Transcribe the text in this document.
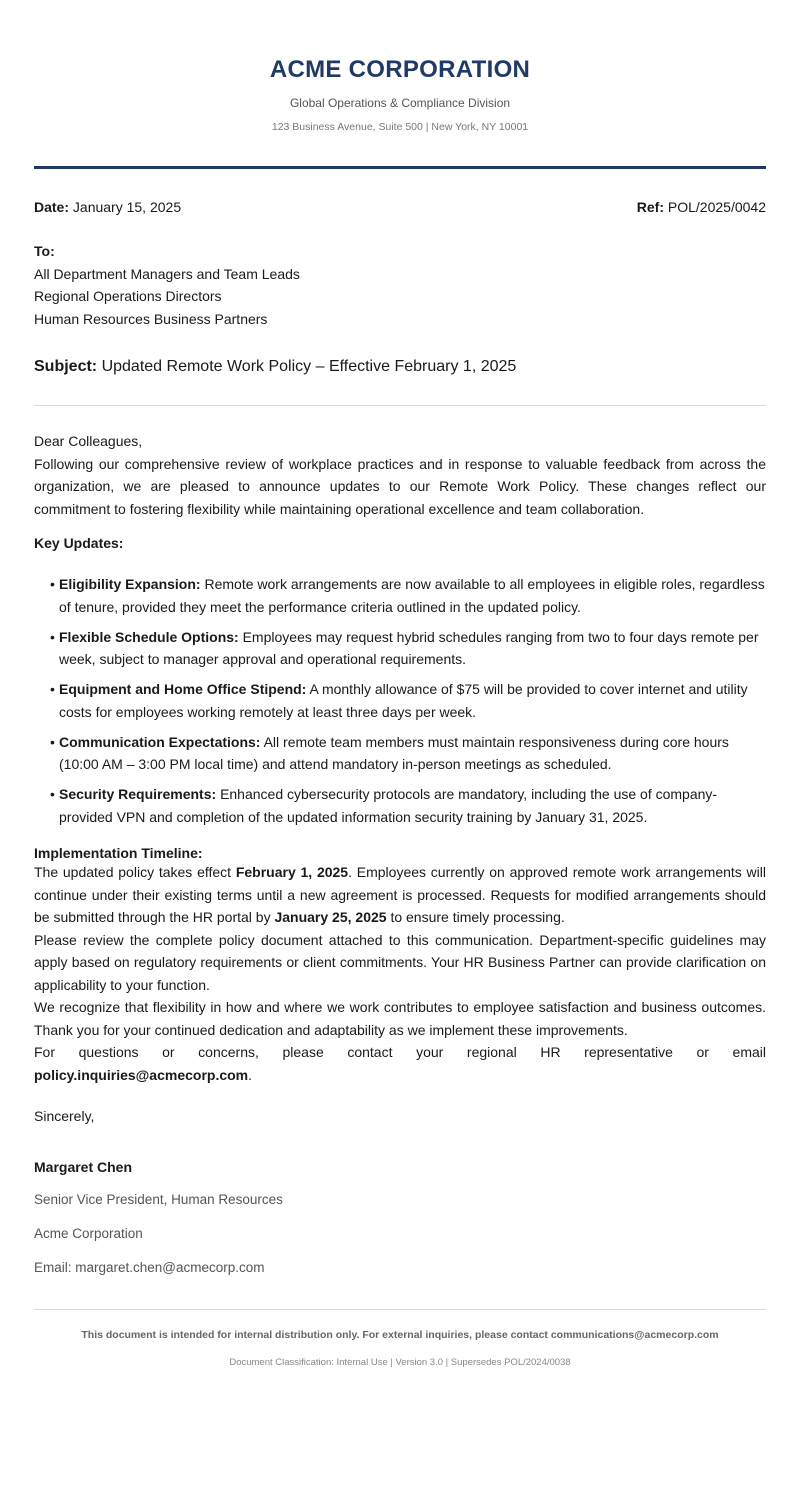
ACME CORPORATION
Global Operations & Compliance Division
123 Business Avenue, Suite 500 | New York, NY 10001
Date: January 15, 2025	Ref: POL/2025/0042
To:
All Department Managers and Team Leads
Regional Operations Directors
Human Resources Business Partners
Subject: Updated Remote Work Policy – Effective February 1, 2025
Dear Colleagues,

Following our comprehensive review of workplace practices and in response to valuable feedback from across the organization, we are pleased to announce updates to our Remote Work Policy. These changes reflect our commitment to fostering flexibility while maintaining operational excellence and team collaboration.

Key Updates:
• Eligibility Expansion: Remote work arrangements are now available to all employees in eligible roles, regardless of tenure, provided they meet the performance criteria outlined in the updated policy.
• Flexible Schedule Options: Employees may request hybrid schedules ranging from two to four days remote per week, subject to manager approval and operational requirements.
• Equipment and Home Office Stipend: A monthly allowance of $75 will be provided to cover internet and utility costs for employees working remotely at least three days per week.
• Communication Expectations: All remote team members must maintain responsiveness during core hours (10:00 AM – 3:00 PM local time) and attend mandatory in-person meetings as scheduled.
• Security Requirements: Enhanced cybersecurity protocols are mandatory, including the use of company-provided VPN and completion of the updated information security training by January 31, 2025.
Implementation Timeline:

The updated policy takes effect February 1, 2025. Employees currently on approved remote work arrangements will continue under their existing terms until a new agreement is processed. Requests for modified arrangements should be submitted through the HR portal by January 25, 2025 to ensure timely processing.

Please review the complete policy document attached to this communication. Department-specific guidelines may apply based on regulatory requirements or client commitments. Your HR Business Partner can provide clarification on applicability to your function.

We recognize that flexibility in how and where we work contributes to employee satisfaction and business outcomes. Thank you for your continued dedication and adaptability as we implement these improvements.

For questions or concerns, please contact your regional HR representative or email
policy.inquiries@acmecorp.com.

Sincerely,
Margaret Chen
Senior Vice President, Human Resources
Acme Corporation
Email: margaret.chen@acmecorp.com
This document is intended for internal distribution only. For external inquiries, please contact communications@acmecorp.com
Document Classification: Internal Use | Version 3.0 | Supersedes POL/2024/0038
